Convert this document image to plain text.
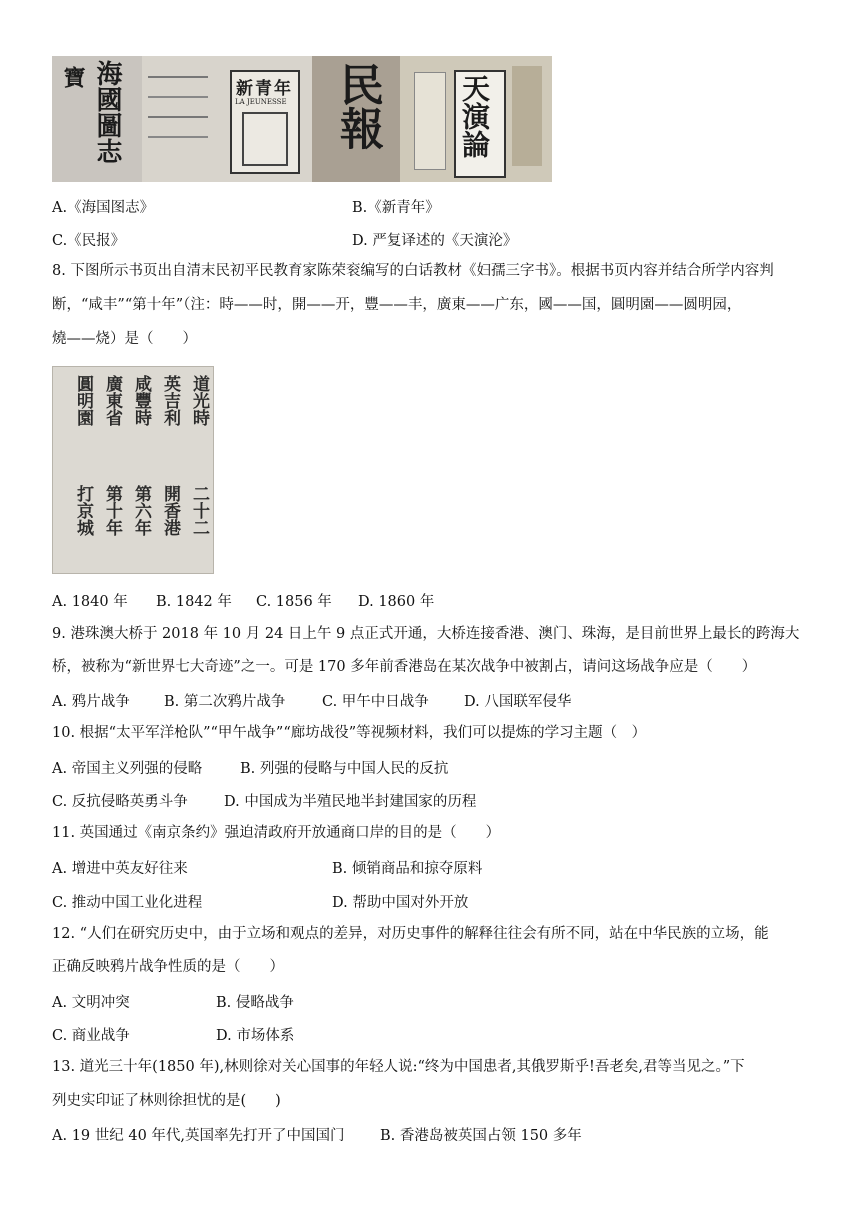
寶 海國圖志	新青年
LA JEUNESSE 民報	天演論
A.《海国图志》	B.《新青年》
C.《民报》	D. 严复译述的《天演沦》
8. 下图所示书页出自清末民初平民教育家陈荣衮编写的白话教材《妇孺三字书》。根据书页内容并结合所学内容判
断，“咸丰”“第十年”（注：時——时，開——开，豐——丰，廣東——广东，國——国，圓明園——圆明园，
燒——烧）是（　　）
道光時
英吉利
咸豐時
廣東省
圓明園
二十二
開香港
第六年
第十年
打京城
A. 1840 年 B. 1842 年 C. 1856 年 D. 1860 年
9. 港珠澳大桥于 2018 年 10 月 24 日上午 9 点正式开通，大桥连接香港、澳门、珠海，是目前世界上最长的跨海大
桥，被称为“新世界七大奇迹”之一。可是 170 多年前香港岛在某次战争中被割占，请问这场战争应是（　　）
A. 鸦片战争 B. 第二次鸦片战争	C. 甲午中日战争 D. 八国联军侵华
10. 根据“太平军洋枪队”“甲午战争”“廊坊战役”等视频材料，我们可以提炼的学习主题（　）
A. 帝国主义列强的侵略	B. 列强的侵略与中国人民的反抗
C. 反抗侵略英勇斗争 D. 中国成为半殖民地半封建国家的历程
11. 英国通过《南京条约》强迫清政府开放通商口岸的目的是（　　）
A. 增进中英友好往来	B. 倾销商品和掠夺原料
C. 推动中国工业化进程	D. 帮助中国对外开放
12. “人们在研究历史中，由于立场和观点的差异，对历史事件的解释往往会有所不同，站在中华民族的立场，能
正确反映鸦片战争性质的是（　　）
A. 文明冲突	B. 侵略战争
C. 商业战争	D. 市场体系
13. 道光三十年(1850 年),林则徐对关心国事的年轻人说:“终为中国患者,其俄罗斯乎!吾老矣,君等当见之。”下
列史实印证了林则徐担忧的是(　　)
A. 19 世纪 40 年代,英国率先打开了中国国门 B. 香港岛被英国占领 150 多年
